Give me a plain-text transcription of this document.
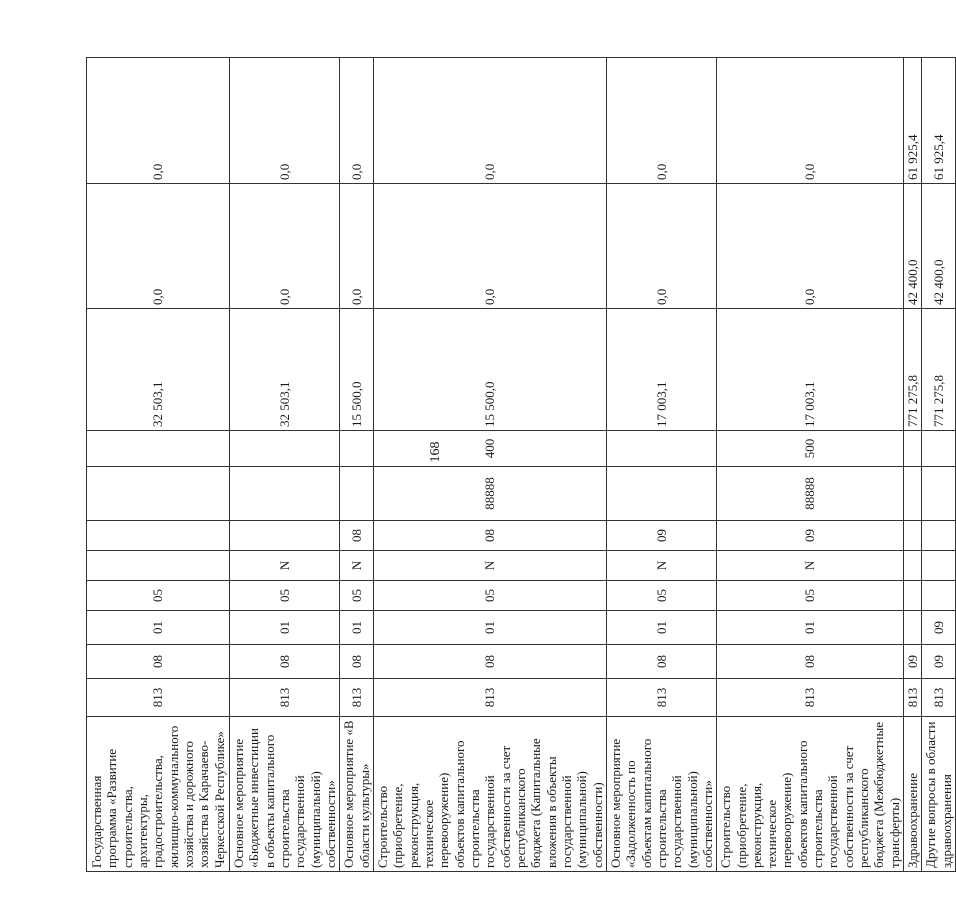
168
Государственная программа «Развитие строительства, архитектуры, градостроительства, жилищно-коммунального хозяйства и дорожного хозяйства в Карачаево-Черкесской Республике»	813	08	01	05					32 503,1	0,0	0,0
Основное мероприятие «Бюджетные инвестиции в объекты капитального строительства государственной (муниципальной) собственности»	813	08	01	05	N				32 503,1	0,0	0,0
Основное мероприятие «В области культуры»	813	08	01	05	N	08			15 500,0	0,0	0,0
Строительство (приобретение, реконструкция, техническое перевооружение) объектов капитального строительства государственной собственности за счет республиканского бюджета (Капитальные вложения в объекты государственной (муниципальной) собственности)	813	08	01	05	N	08	88888	400	15 500,0	0,0	0,0
Основное мероприятие «Задолженность по объектам капитального строительства государственной (муниципальной) собственности»	813	08	01	05	N	09			17 003,1	0,0	0,0
Строительство (приобретение, реконструкция, техническое перевооружение) объектов капитального строительства государственной собственности за счет республиканского бюджета (Межбюджетные трансферты)	813	08	01	05	N	09	88888	500	17 003,1	0,0	0,0
Здравоохранение	813	09							771 275,8	42 400,0	61 925,4
Другие вопросы в области здравоохранения	813	09	09						771 275,8	42 400,0	61 925,4
